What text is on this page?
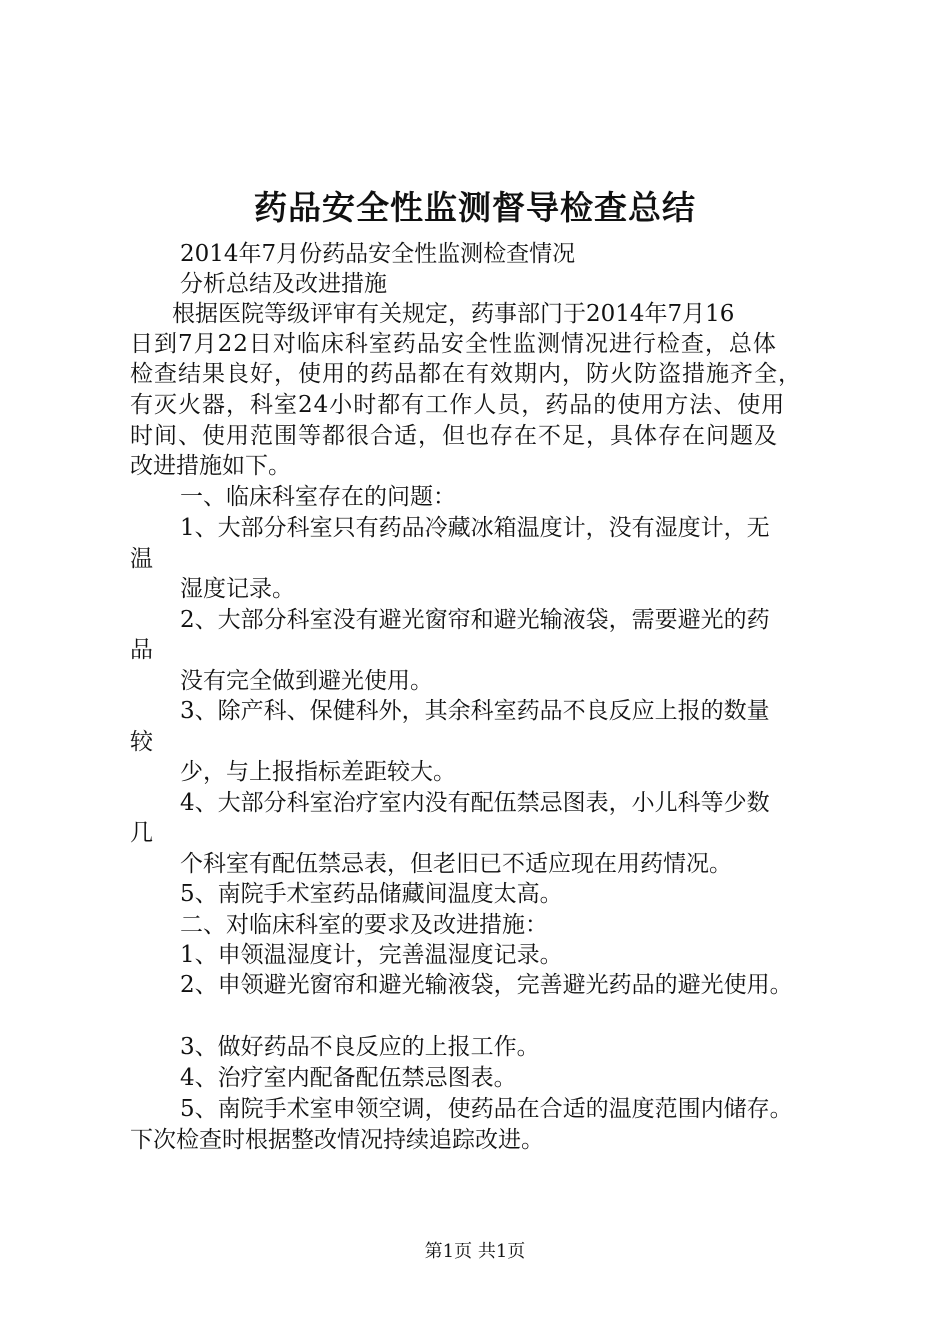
药品安全性监测督导检查总结

2014年7月份药品安全性监测检查情况

分析总结及改进措施

根据医院等级评审有关规定，药事部门于2014年7月16

日到7月22日对临床科室药品安全性监测情况进行检查，总体

检查结果良好，使用的药品都在有效期内，防火防盗措施齐全，

有灭火器，科室24小时都有工作人员，药品的使用方法、使用

时间、使用范围等都很合适，但也存在不足，具体存在问题及

改进措施如下。

一、临床科室存在的问题：

1、大部分科室只有药品冷藏冰箱温度计，没有湿度计，无

温

湿度记录。

2、大部分科室没有避光窗帘和避光输液袋，需要避光的药

品

没有完全做到避光使用。

3、除产科、保健科外，其余科室药品不良反应上报的数量

较

少，与上报指标差距较大。

4、大部分科室治疗室内没有配伍禁忌图表，小儿科等少数

几

个科室有配伍禁忌表，但老旧已不适应现在用药情况。

5、南院手术室药品储藏间温度太高。

二、对临床科室的要求及改进措施：

1、申领温湿度计，完善温湿度记录。

2、申领避光窗帘和避光输液袋，完善避光药品的避光使用。

3、做好药品不良反应的上报工作。

4、治疗室内配备配伍禁忌图表。

5、南院手术室申领空调，使药品在合适的温度范围内储存。

下次检查时根据整改情况持续追踪改进。

第1页 共1页
